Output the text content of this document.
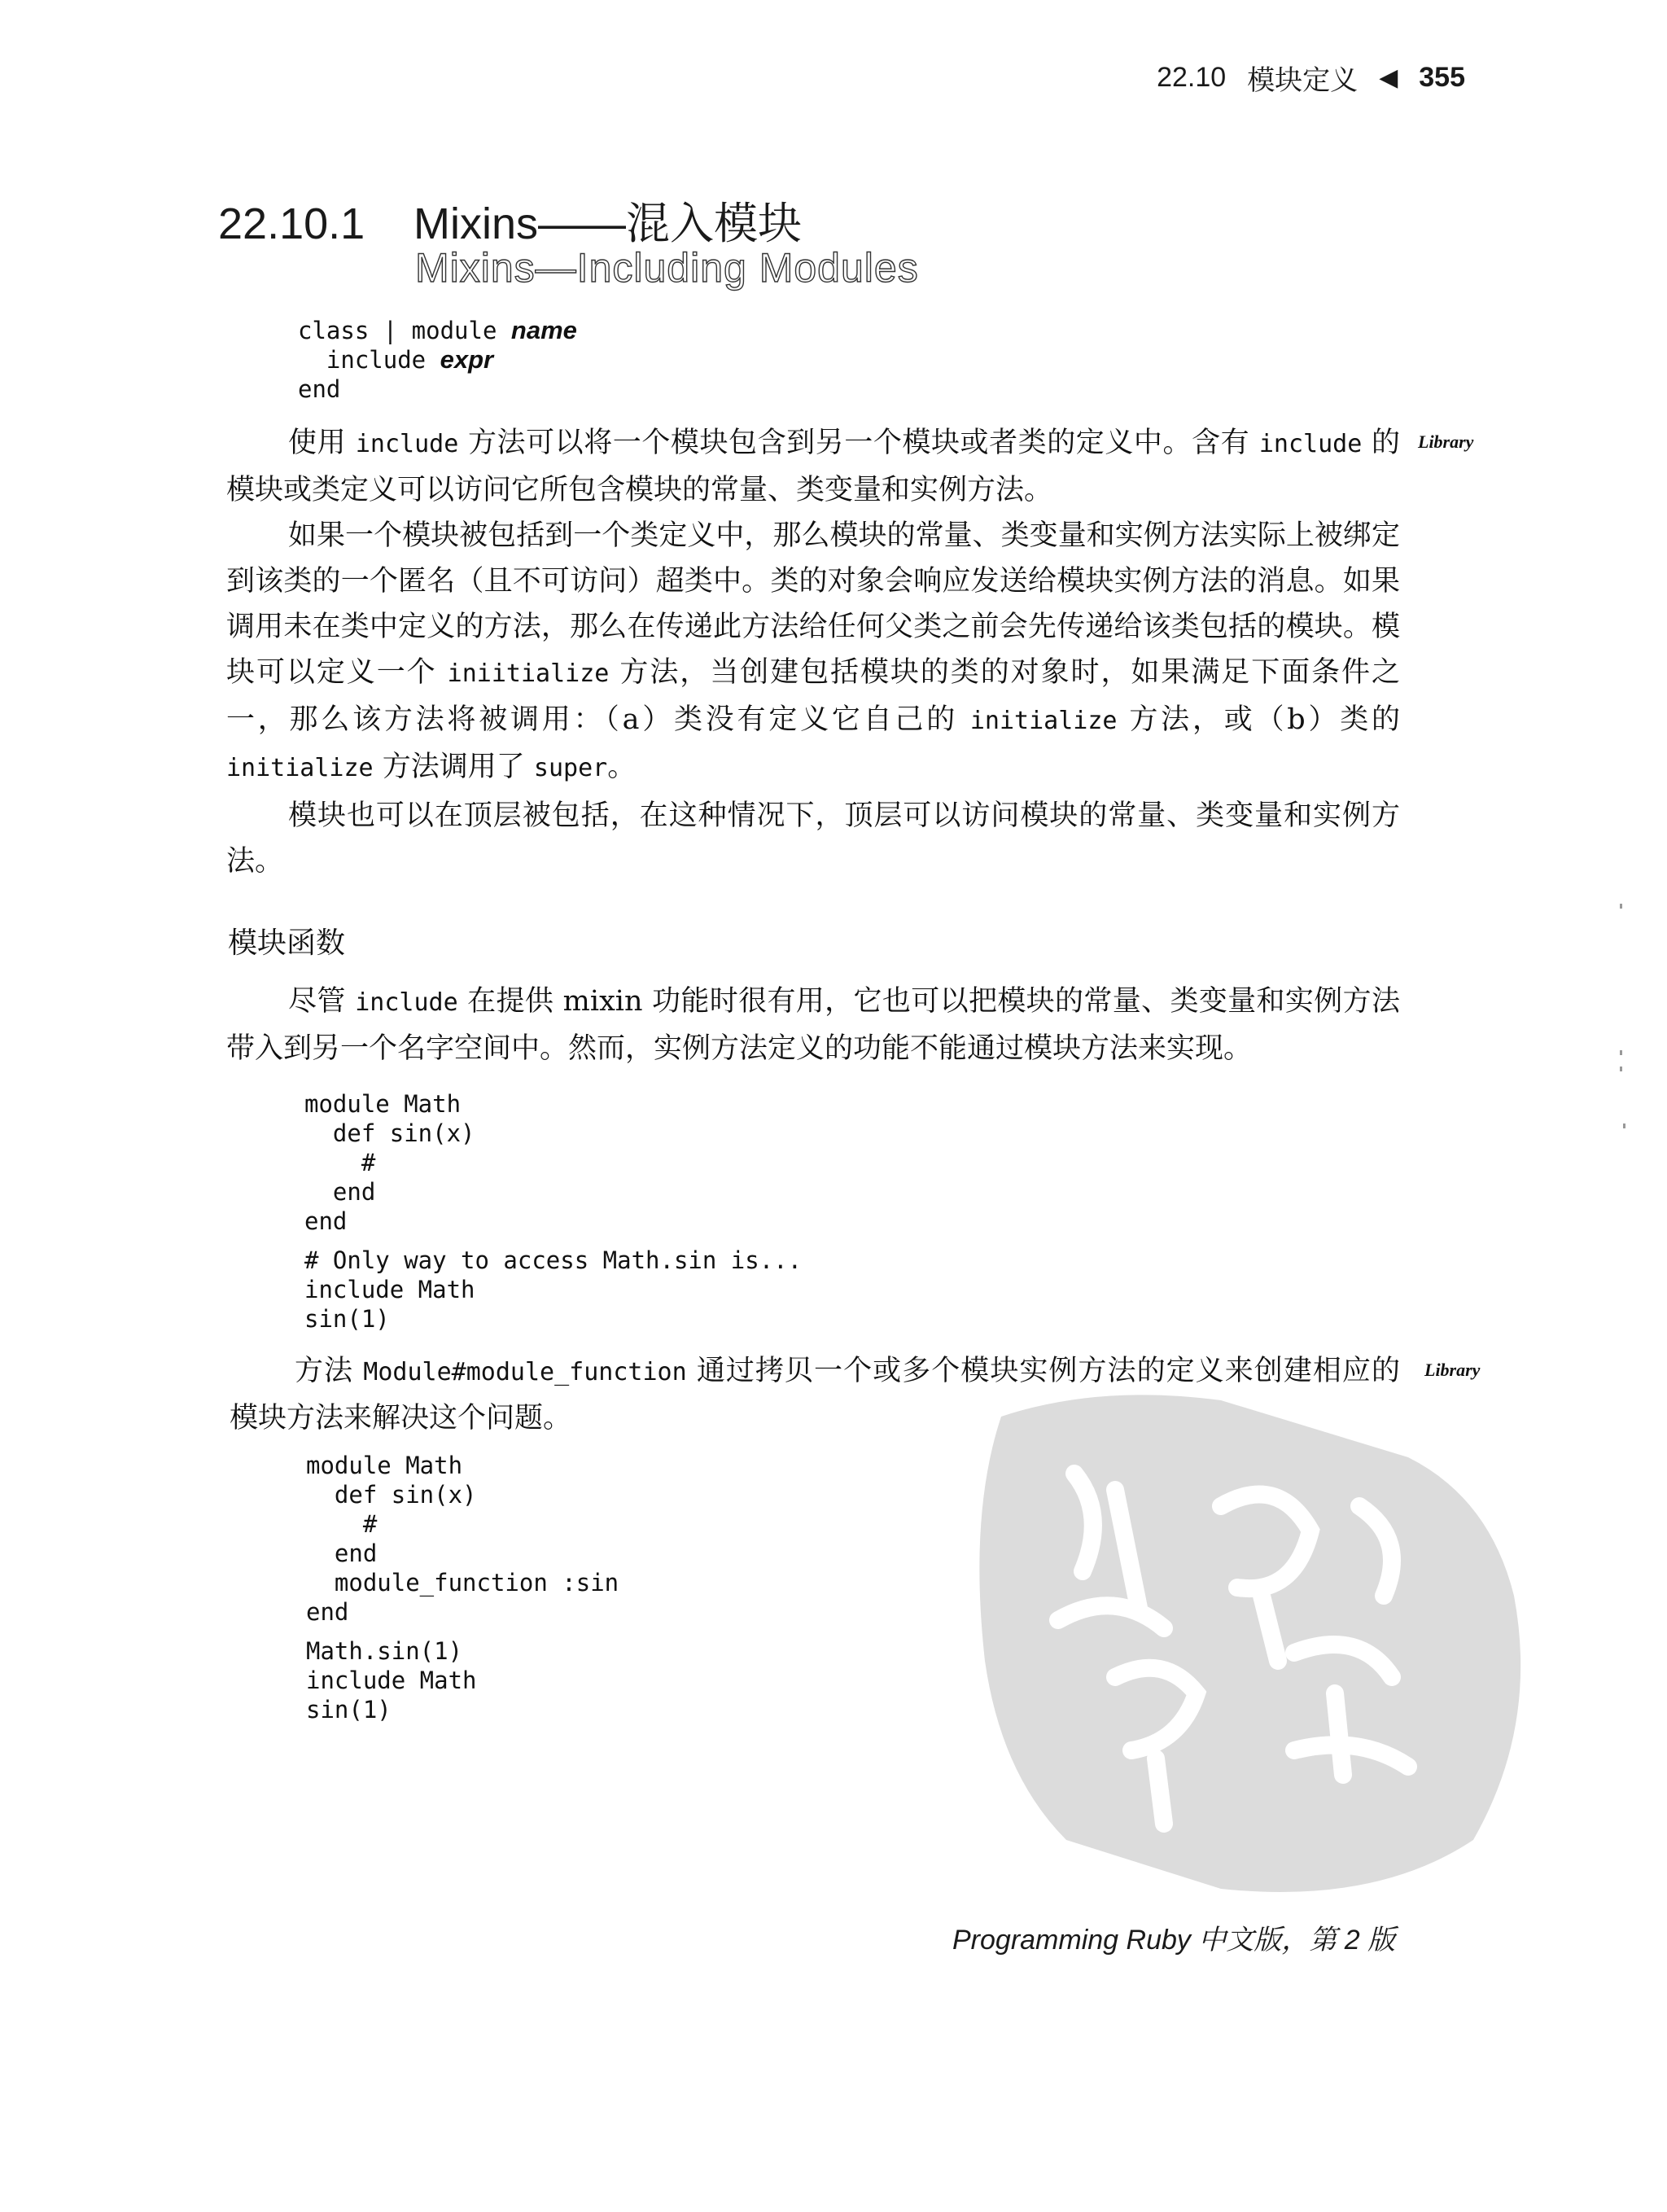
22.10 模块定义 ◀ 355
22.10.1 Mixins——混入模块
Mixins—Including Modules
class | module name
include expr
end
使用 include 方法可以将一个模块包含到另一个模块或者类的定义中。含有 include 的模块或类定义可以访问它所包含模块的常量、类变量和实例方法。
Library
如果一个模块被包括到一个类定义中，那么模块的常量、类变量和实例方法实际上被绑定到该类的一个匿名（且不可访问）超类中。类的对象会响应发送给模块实例方法的消息。如果调用未在类中定义的方法，那么在传递此方法给任何父类之前会先传递给该类包括的模块。模块可以定义一个 iniitialize 方法，当创建包括模块的类的对象时，如果满足下面条件之一，那么该方法将被调用：（a）类没有定义它自己的 initialize 方法，或（b）类的 initialize 方法调用了 super。
模块也可以在顶层被包括，在这种情况下，顶层可以访问模块的常量、类变量和实例方法。
模块函数
尽管 include 在提供 mixin 功能时很有用，它也可以把模块的常量、类变量和实例方法带入到另一个名字空间中。然而，实例方法定义的功能不能通过模块方法来实现。
module Math
def sin(x)
#
end
end
# Only way to access Math.sin is...
include Math
sin(1)
方法 Module#module_function 通过拷贝一个或多个模块实例方法的定义来创建相应的模块方法来解决这个问题。
Library
module Math
def sin(x)
#
end
module_function :sin
end
Math.sin(1)
include Math
sin(1)
Programming Ruby 中文版，第 2 版
